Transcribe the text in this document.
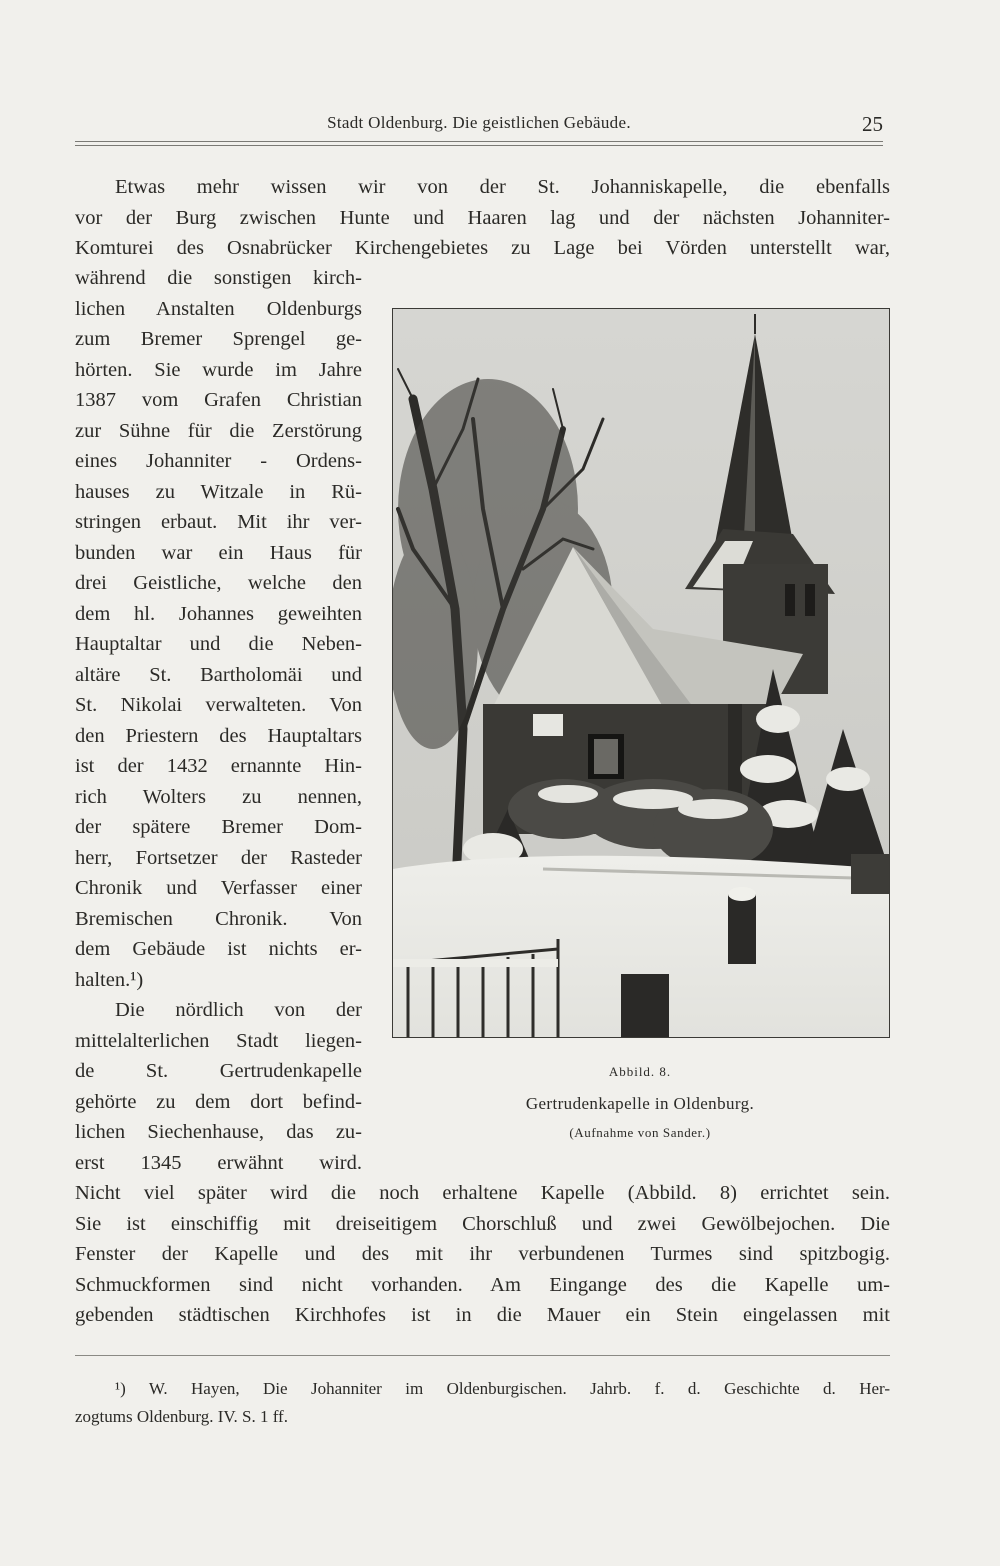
Stadt Oldenburg. Die geistlichen Gebäude.	25
Etwas mehr wissen wir von der St. Johanniskapelle, die ebenfalls
vor der Burg zwischen Hunte und Haaren lag und der nächsten Johanniter-
Komturei des Osnabrücker Kirchengebietes zu Lage bei Vörden unterstellt war,
während die sonstigen kirch-
lichen Anstalten Oldenburgs
zum Bremer Sprengel ge-
hörten. Sie wurde im Jahre
1387 vom Grafen Christian
zur Sühne für die Zerstörung
eines Johanniter - Ordens-
hauses zu Witzale in Rü-
stringen erbaut. Mit ihr ver-
bunden war ein Haus für
drei Geistliche, welche den
dem hl. Johannes geweihten
Hauptaltar und die Neben-
altäre St. Bartholomäi und
St. Nikolai verwalteten. Von
den Priestern des Hauptaltars
ist der 1432 ernannte Hin-
rich Wolters zu nennen,
der spätere Bremer Dom-
herr, Fortsetzer der Rasteder
Chronik und Verfasser einer
Bremischen Chronik. Von
dem Gebäude ist nichts er-
halten.¹)
Die nördlich von der
mittelalterlichen Stadt liegen-
de St. Gertrudenkapelle
gehörte zu dem dort befind-
lichen Siechenhause, das zu-
erst 1345 erwähnt wird.
Abbild. 8.
Gertrudenkapelle in Oldenburg.
(Aufnahme von Sander.)
Nicht viel später wird die noch erhaltene Kapelle (Abbild. 8) errichtet sein.
Sie ist einschiffig mit dreiseitigem Chorschluß und zwei Gewölbejochen. Die
Fenster der Kapelle und des mit ihr verbundenen Turmes sind spitzbogig.
Schmuckformen sind nicht vorhanden. Am Eingange des die Kapelle um-
gebenden städtischen Kirchhofes ist in die Mauer ein Stein eingelassen mit
¹) W. Hayen, Die Johanniter im Oldenburgischen. Jahrb. f. d. Geschichte d. Her-
zogtums Oldenburg. IV. S. 1 ff.
